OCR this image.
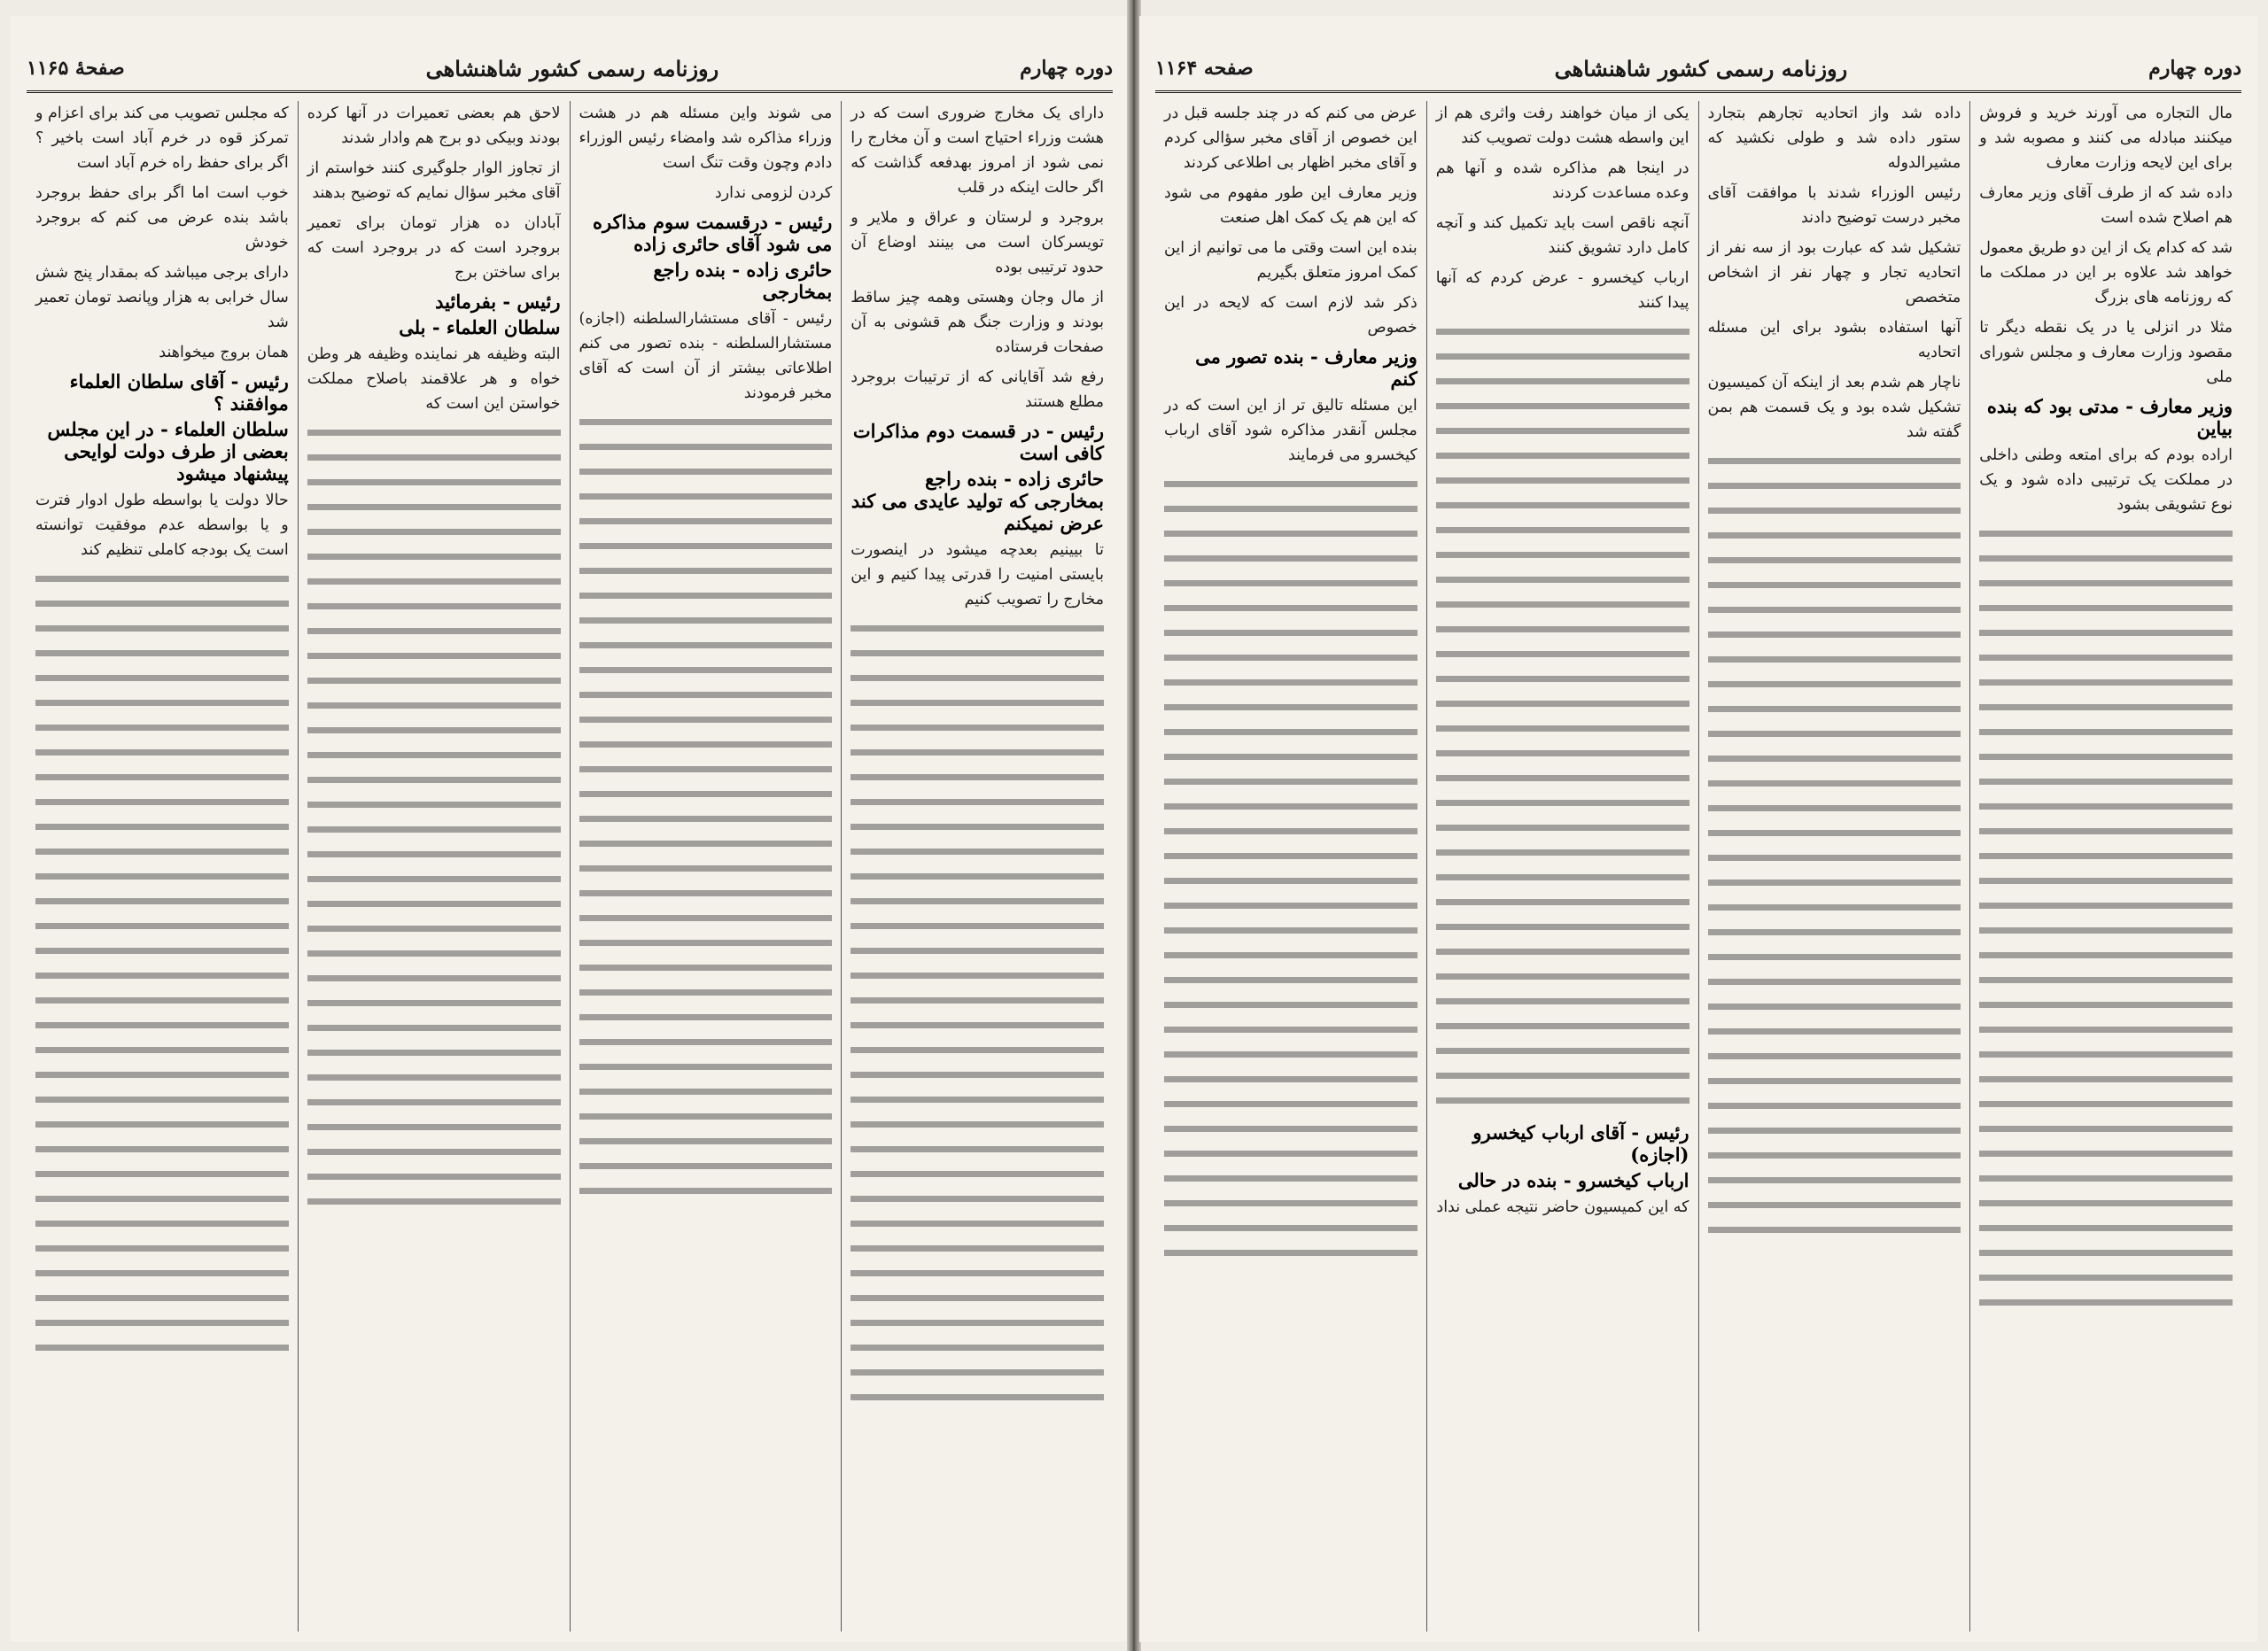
دوره چهارم
روزنامه رسمی کشور شاهنشاهی
صفحهٔ ۱۱۶۵

دارای یک مخارج ضروری است که در هشت وزراء احتیاج است و آن مخارج را نمی شود از امروز بهدفعه گذاشت که اگر حالت اینکه در قلب

بروجرد و لرستان و عراق و ملایر و تویسرکان است می بینند اوضاع آن حدود ترتیبی بوده

از مال وجان وهستی وهمه چیز ساقط بودند و وزارت جنگ هم قشونی به آن صفحات فرستاده

رفع شد آقایانی که از ترتیبات بروجرد مطلع هستند

رئیس - در قسمت دوم مذاکرات کافی است
حائری زاده - بنده راجع بمخارجی که تولید عایدی می کند عرض نمیکنم

تا بیینیم بعدچه میشود در اینصورت بایستی امنیت را قدرتی پیدا کنیم و این مخارج را تصویب کنیم

می شوند واین مسئله هم در هشت وزراء مذاکره شد وامضاء رئیس الوزراء دادم وچون وقت تنگ است

کردن لزومی ندارد

رئیس - درقسمت سوم مذاکره می شود آقای حائری زاده
حائری زاده - بنده راجع بمخارجی

رئیس - آقای مستشارالسلطنه (اجازه) مستشارالسلطنه - بنده تصور می کنم اطلاعاتی بیشتر از آن است که آقای مخبر فرمودند

لاحق هم بعضی تعمیرات در آنها کرده بودند وبیکی دو برج هم وادار شدند

از تجاوز الوار جلوگیری کنند خواستم از آقای مخبر سؤال نمایم که توضیح بدهند

آبادان ده هزار تومان برای تعمیر بروجرد است که در بروجرد است که برای ساختن برج

رئیس - بفرمائید
سلطان العلماء - بلی

البته وظیفه هر نماینده وظیفه هر وطن خواه و هر علاقمند باصلاح مملکت خواستن این است که

که مجلس تصویب می کند برای اعزام و تمرکز قوه در خرم آباد است باخیر ؟ اگر برای حفظ راه خرم آباد است

خوب است اما اگر برای حفظ بروجرد باشد بنده عرض می کنم که بروجرد خودش

دارای برجی میباشد که بمقدار پنج شش سال خرابی به هزار وپانصد تومان تعمیر شد

همان بروج میخواهند

رئیس - آقای سلطان العلماء موافقند ؟
سلطان العلماء - در این مجلس بعضی از طرف دولت لوایحی پیشنهاد میشود

حالا دولت یا بواسطه طول ادوار فترت و یا بواسطه عدم موفقیت توانسته است یک بودجه کاملی تنظیم کند

دوره چهارم
روزنامه رسمی کشور شاهنشاهی
صفحه ۱۱۶۴

مال التجاره می آورند خرید و فروش میکنند مبادله می کنند و مصوبه شد و برای این لایحه وزارت معارف

داده شد که از طرف آقای وزیر معارف هم اصلاح شده است

شد که کدام یک از این دو طریق معمول خواهد شد علاوه بر این در مملکت ما که روزنامه های بزرگ

مثلا در انزلی یا در یک نقطه دیگر تا مقصود وزارت معارف و مجلس شورای ملی

وزیر معارف - مدتی بود که بنده بیاین

اراده بودم که برای امتعه وطنی داخلی در مملکت یک ترتیبی داده شود و یک نوع تشویقی بشود

داده شد واز اتحادیه تجارهم بتجارد ستور داده شد و طولی نکشید که مشیرالدوله

رئیس الوزراء شدند با موافقت آقای مخبر درست توضیح دادند

تشکیل شد که عبارت بود از سه نفر از اتحادیه تجار و چهار نفر از اشخاص متخصص

آنها استفاده بشود برای این مسئله اتحادیه

ناچار هم شدم بعد از اینکه آن کمیسیون تشکیل شده بود و یک قسمت هم بمن گفته شد

یکی از میان خواهند رفت واثری هم از این واسطه هشت دولت تصویب کند

در اینجا هم مذاکره شده و آنها هم وعده مساعدت کردند

آنچه ناقص است باید تکمیل کند و آنچه کامل دارد تشویق کنند

ارباب کیخسرو - عرض کردم که آنها پیدا کنند

رئیس - آقای ارباب کیخسرو (اجازه)
ارباب کیخسرو - بنده در حالی

که این کمیسیون حاضر نتیجه عملی نداد

عرض می کنم که در چند جلسه قبل در این خصوص از آقای مخبر سؤالی کردم و آقای مخبر اظهار بی اطلاعی کردند

وزیر معارف این طور مفهوم می شود که این هم یک کمک اهل صنعت

بنده این است وقتی ما می توانیم از این کمک امروز متعلق بگیریم

ذکر شد لازم است که لایحه در این خصوص

وزیر معارف - بنده تصور می کنم

این مسئله تالیق تر از این است که در مجلس آنقدر مذاکره شود آقای ارباب کیخسرو می فرمایند
